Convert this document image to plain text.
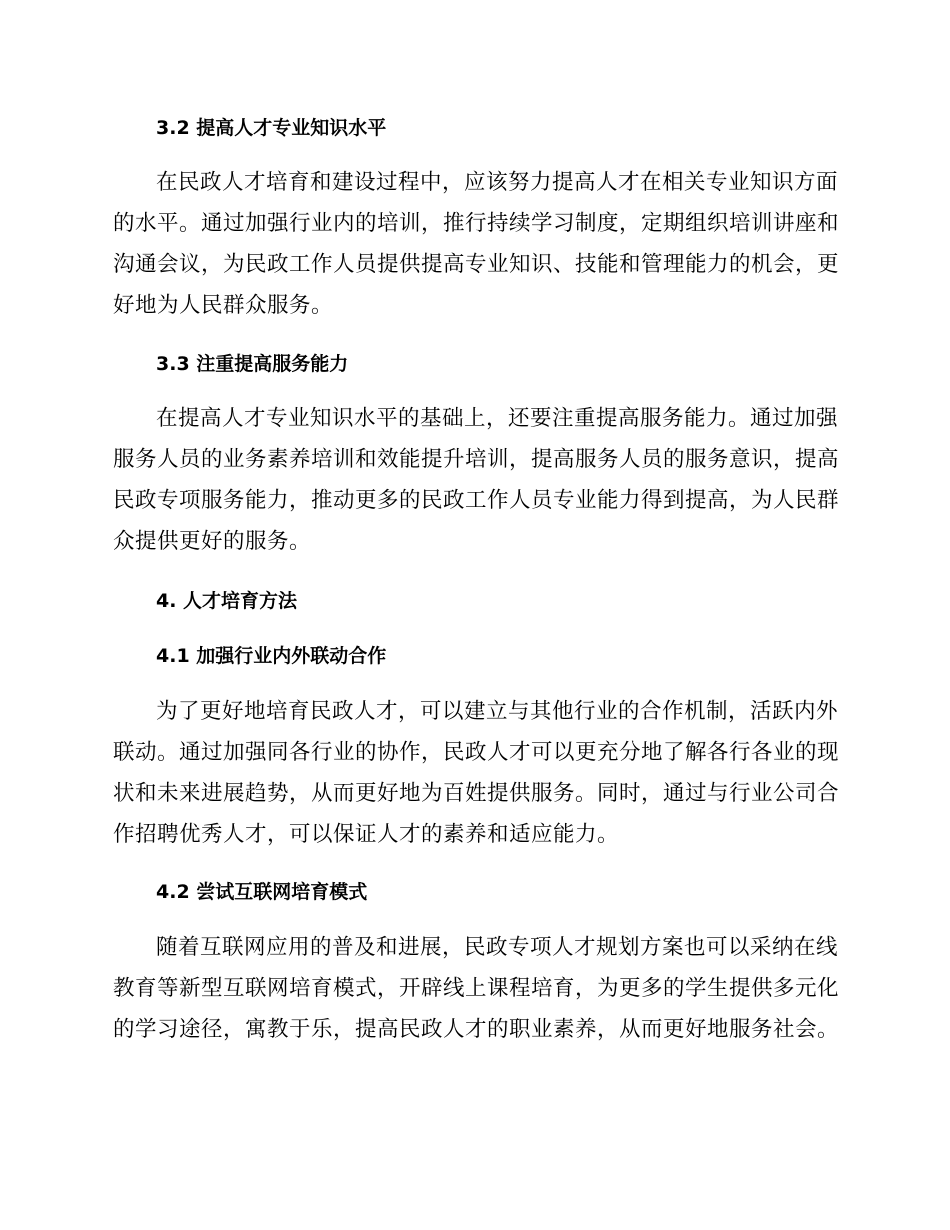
3.2 提高人才专业知识水平
在民政人才培育和建设过程中，应该努力提高人才在相关专业知识方面
的水平。通过加强行业内的培训，推行持续学习制度，定期组织培训讲座和
沟通会议，为民政工作人员提供提高专业知识、技能和管理能力的机会，更
好地为人民群众服务。
3.3 注重提高服务能力
在提高人才专业知识水平的基础上，还要注重提高服务能力。通过加强
服务人员的业务素养培训和效能提升培训，提高服务人员的服务意识，提高
民政专项服务能力，推动更多的民政工作人员专业能力得到提高，为人民群
众提供更好的服务。
4. 人才培育方法
4.1 加强行业内外联动合作
为了更好地培育民政人才，可以建立与其他行业的合作机制，活跃内外
联动。通过加强同各行业的协作，民政人才可以更充分地了解各行各业的现
状和未来进展趋势，从而更好地为百姓提供服务。同时，通过与行业公司合
作招聘优秀人才，可以保证人才的素养和适应能力。
4.2 尝试互联网培育模式
随着互联网应用的普及和进展，民政专项人才规划方案也可以采纳在线
教育等新型互联网培育模式，开辟线上课程培育，为更多的学生提供多元化
的学习途径，寓教于乐，提高民政人才的职业素养，从而更好地服务社会。
